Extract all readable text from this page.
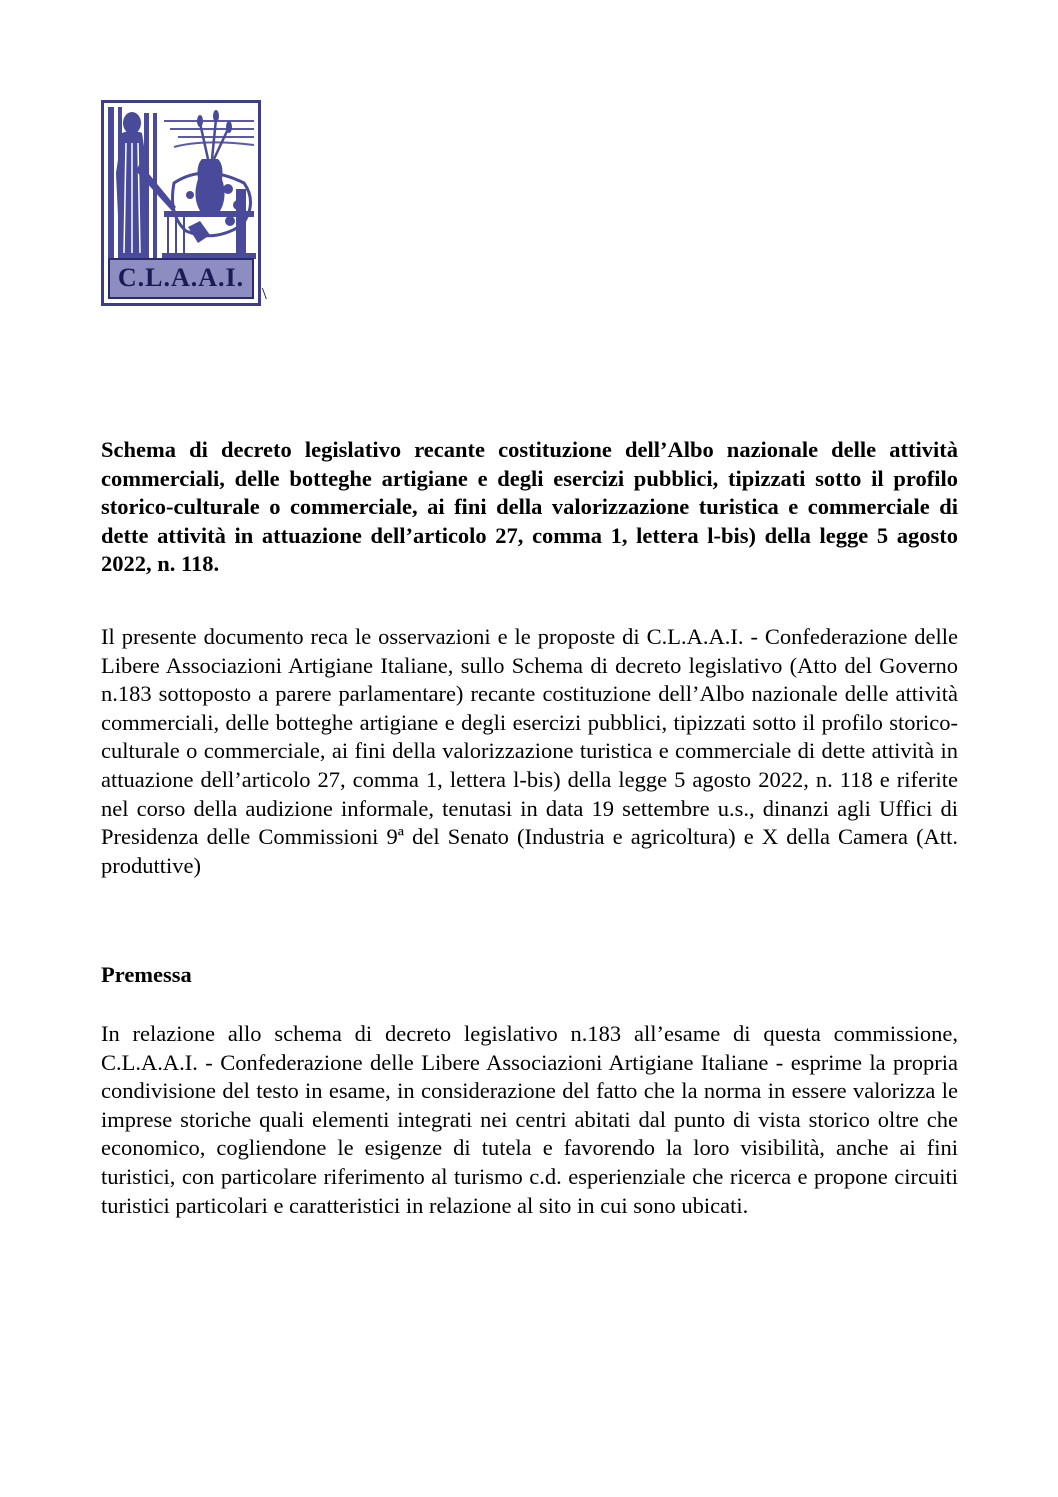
C.L.A.A.I.
\

Schema di decreto legislativo recante costituzione dell’Albo nazionale delle attività commerciali, delle botteghe artigiane e degli esercizi pubblici, tipizzati sotto il profilo storico-culturale o commerciale, ai fini della valorizzazione turistica e commerciale di dette attività in attuazione dell’articolo 27, comma 1, lettera l-bis) della legge 5 agosto 2022, n. 118.

Il presente documento reca le osservazioni e le proposte di C.L.A.A.I. - Confederazione delle Libere Associazioni Artigiane Italiane, sullo Schema di decreto legislativo (Atto del Governo n.183 sottoposto a parere parlamentare) recante costituzione dell’Albo nazionale delle attività commerciali, delle botteghe artigiane e degli esercizi pubblici, tipizzati sotto il profilo storico-culturale o commerciale, ai fini della valorizzazione turistica e commerciale di dette attività in attuazione dell’articolo 27, comma 1, lettera l-bis) della legge 5 agosto 2022, n. 118 e riferite nel corso della audizione informale, tenutasi in data 19 settembre u.s., dinanzi agli Uffici di Presidenza delle Commissioni 9ª del Senato (Industria e agricoltura) e X della Camera (Att. produttive)

Premessa

In relazione allo schema di decreto legislativo n.183 all’esame di questa commissione, C.L.A.A.I. - Confederazione delle Libere Associazioni Artigiane Italiane - esprime la propria condivisione del testo in esame, in considerazione del fatto che la norma in essere valorizza le imprese storiche quali elementi integrati nei centri abitati dal punto di vista storico oltre che economico, cogliendone le esigenze di tutela e favorendo la loro visibilità, anche ai fini turistici, con particolare riferimento al turismo c.d. esperienziale che ricerca e propone circuiti turistici particolari e caratteristici in relazione al sito in cui sono ubicati.
